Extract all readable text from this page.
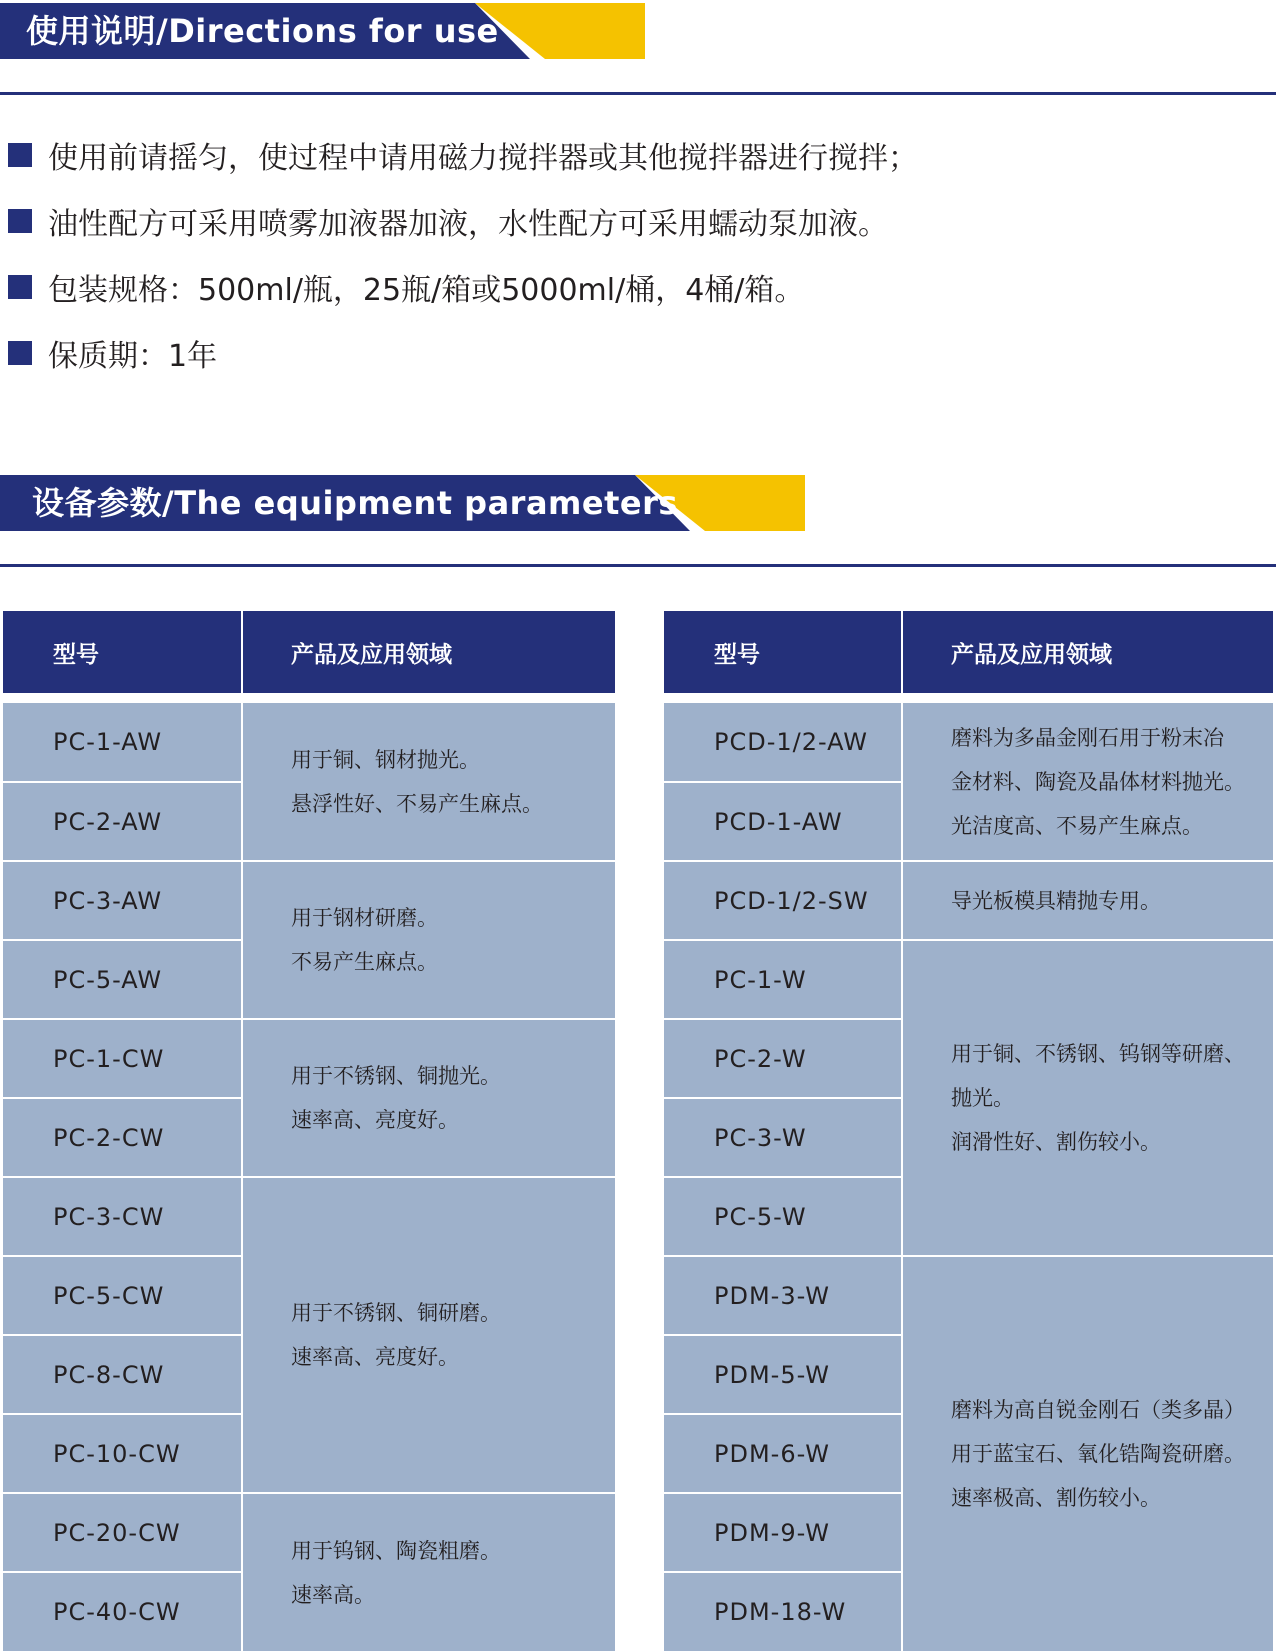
使用说明/Directions for use
使用前请摇匀，使过程中请用磁力搅拌器或其他搅拌器进行搅拌；
油性配方可采用喷雾加液器加液，水性配方可采用蠕动泵加液。
包装规格：500ml/瓶，25瓶/箱或5000ml/桶，4桶/箱。
保质期：1年
设备参数/The equipment parameters
型号	产品及应用领域

PC-1-AW	用于铜、钢材抛光。
悬浮性好、不易产生麻点。

PC-2-AW	
PC-3-AW	用于钢材研磨。
不易产生麻点。

PC-5-AW	
PC-1-CW	用于不锈钢、铜抛光。
速率高、亮度好。

PC-2-CW	
PC-3-CW	用于不锈钢、铜研磨。
速率高、亮度好。

PC-5-CW	
PC-8-CW	
PC-10-CW	
PC-20-CW	用于钨钢、陶瓷粗磨。
速率高。

PC-40-CW	
型号	产品及应用领域

PCD-1/2-AW	磨料为多晶金刚石用于粉末冶
金材料、陶瓷及晶体材料抛光。
光洁度高、不易产生麻点。

PCD-1-AW	
PCD-1/2-SW	导光板模具精抛专用。

PC-1-W	用于铜、不锈钢、钨钢等研磨、
抛光。
润滑性好、割伤较小。

PC-2-W	
PC-3-W	
PC-5-W	
PDM-3-W	磨料为高自锐金刚石（类多晶）
用于蓝宝石、氧化锆陶瓷研磨。
速率极高、割伤较小。

PDM-5-W	
PDM-6-W	
PDM-9-W	
PDM-18-W	
